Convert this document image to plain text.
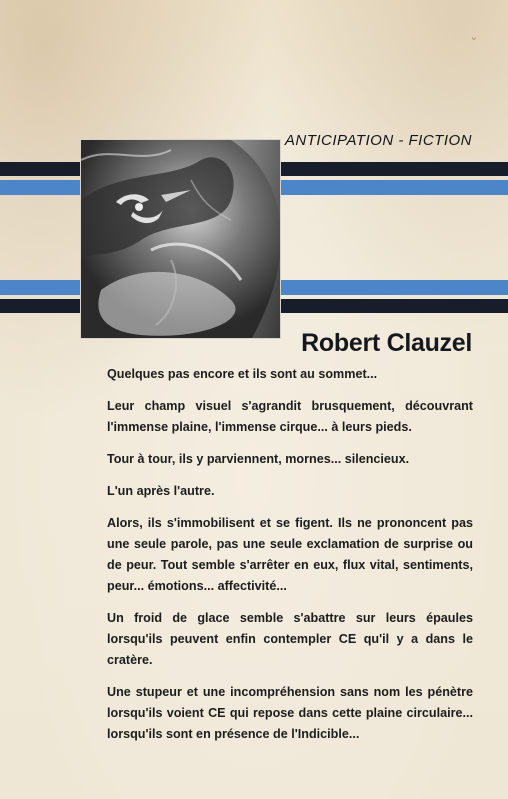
ᵕ
ANTICIPATION - FICTION
Robert Clauzel

Quelques pas encore et ils sont au sommet...

Leur champ visuel s'agrandit brusquement, découvrant l'immense plaine, l'immense cirque... à leurs pieds.

Tour à tour, ils y parviennent, mornes... silencieux.

L'un après l'autre.

Alors, ils s'immobilisent et se figent. Ils ne prononcent pas une seule parole, pas une seule exclamation de surprise ou de peur. Tout semble s'arrêter en eux, flux vital, sentiments, peur... émotions... affectivité...

Un froid de glace semble s'abattre sur leurs épaules lorsqu'ils peuvent enfin contempler CE qu'il y a dans le cratère.

Une stupeur et une incompréhension sans nom les pénètre lorsqu'ils voient CE qui repose dans cette plaine circulaire... lorsqu'ils sont en présence de l'Indicible...
